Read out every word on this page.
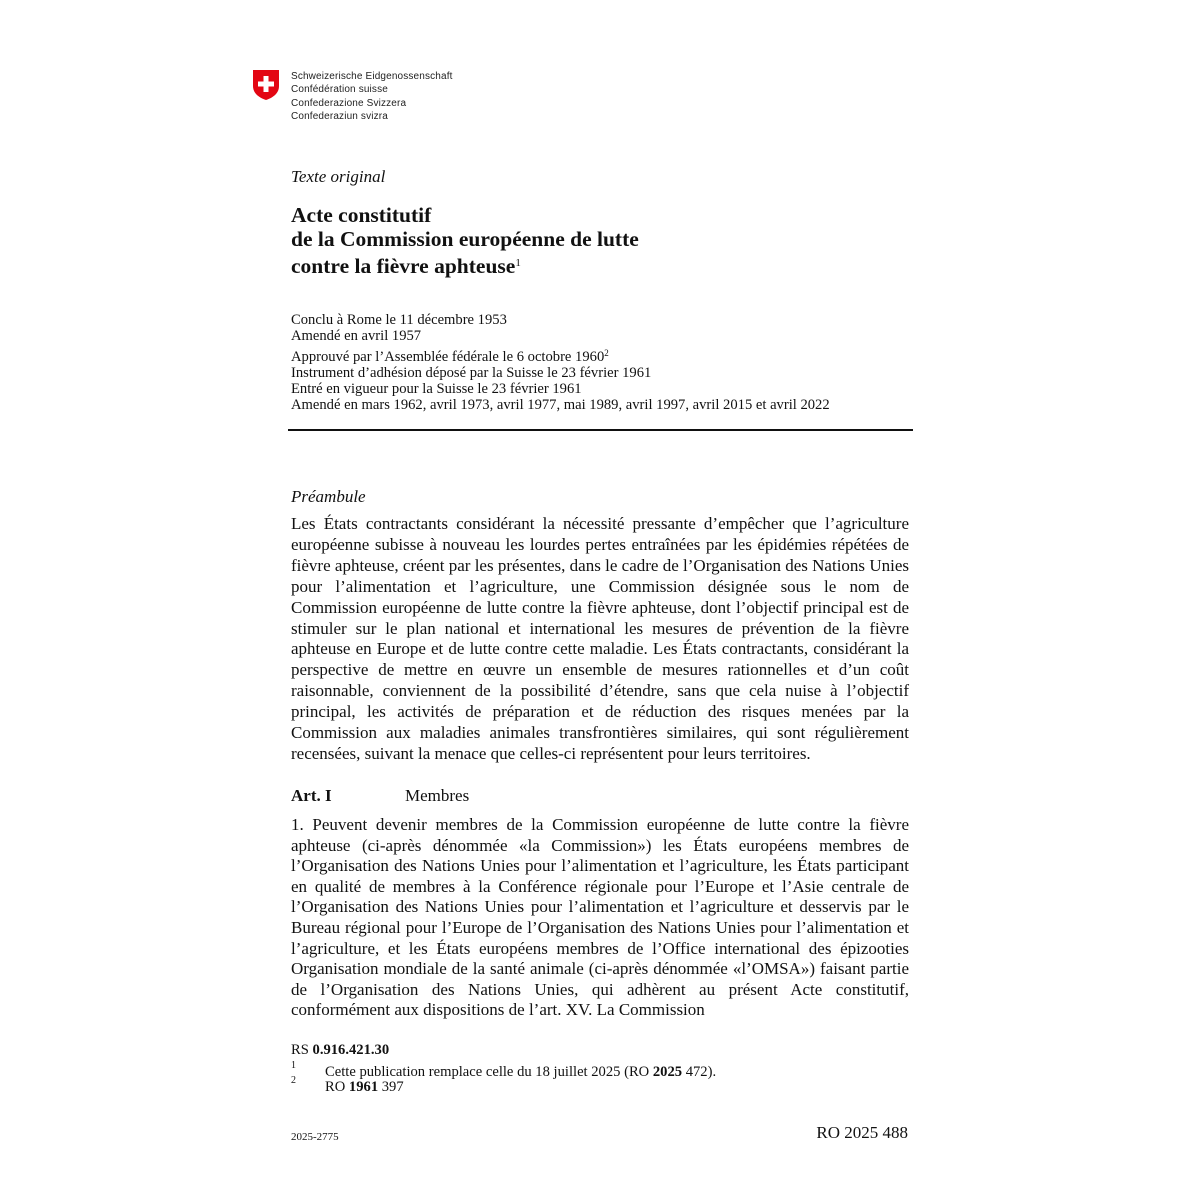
Schweizerische Eidgenossenschaft
Confédération suisse
Confederazione Svizzera
Confederaziun svizra
Texte original
Acte constitutif
de la Commission européenne de lutte
contre la fièvre aphteuse$^1$
Conclu à Rome le 11 décembre 1953
Amendé en avril 1957
Approuvé par l’Assemblée fédérale le 6 octobre 1960$^2$
Instrument d’adhésion déposé par la Suisse le 23 février 1961
Entré en vigueur pour la Suisse le 23 février 1961
Amendé en mars 1962, avril 1973, avril 1977, mai 1989, avril 1997, avril 2015 et avril 2022
Préambule
Les États contractants considérant la nécessité pressante d’empêcher que l’agriculture européenne subisse à nouveau les lourdes pertes entraînées par les épidémies répétées de fièvre aphteuse, créent par les présentes, dans le cadre de l’Organisation des Nations Unies pour l’alimentation et l’agriculture, une Commission désignée sous le nom de Commission européenne de lutte contre la fièvre aphteuse, dont l’objectif principal est de stimuler sur le plan national et international les mesures de prévention de la fièvre aphteuse en Europe et de lutte contre cette maladie. Les États contractants, considérant la perspective de mettre en œuvre un ensemble de mesures rationnelles et d’un coût raisonnable, conviennent de la possibilité d’étendre, sans que cela nuise à l’objectif principal, les activités de préparation et de réduction des risques menées par la Commission aux maladies animales transfrontières similaires, qui sont régulièrement recensées, suivant la menace que celles-ci représentent pour leurs territoires.
Art. I	Membres
1. Peuvent devenir membres de la Commission européenne de lutte contre la fièvre aphteuse (ci-après dénommée «la Commission») les États européens membres de l’Organisation des Nations Unies pour l’alimentation et l’agriculture, les États participant en qualité de membres à la Conférence régionale pour l’Europe et l’Asie centrale de l’Organisation des Nations Unies pour l’alimentation et l’agriculture et desservis par le Bureau régional pour l’Europe de l’Organisation des Nations Unies pour l’alimentation et l’agriculture, et les États européens membres de l’Office international des épizooties Organisation mondiale de la santé animale (ci-après dénommée «l’OMSA») faisant partie de l’Organisation des Nations Unies, qui adhèrent au présent Acte constitutif, conformément aux dispositions de l’art. XV. La Commission
RS 0.916.421.30
1 Cette publication remplace celle du 18 juillet 2025 (RO 2025 472).
2 RO 1961 397
2025-2775	RO 2025 488
